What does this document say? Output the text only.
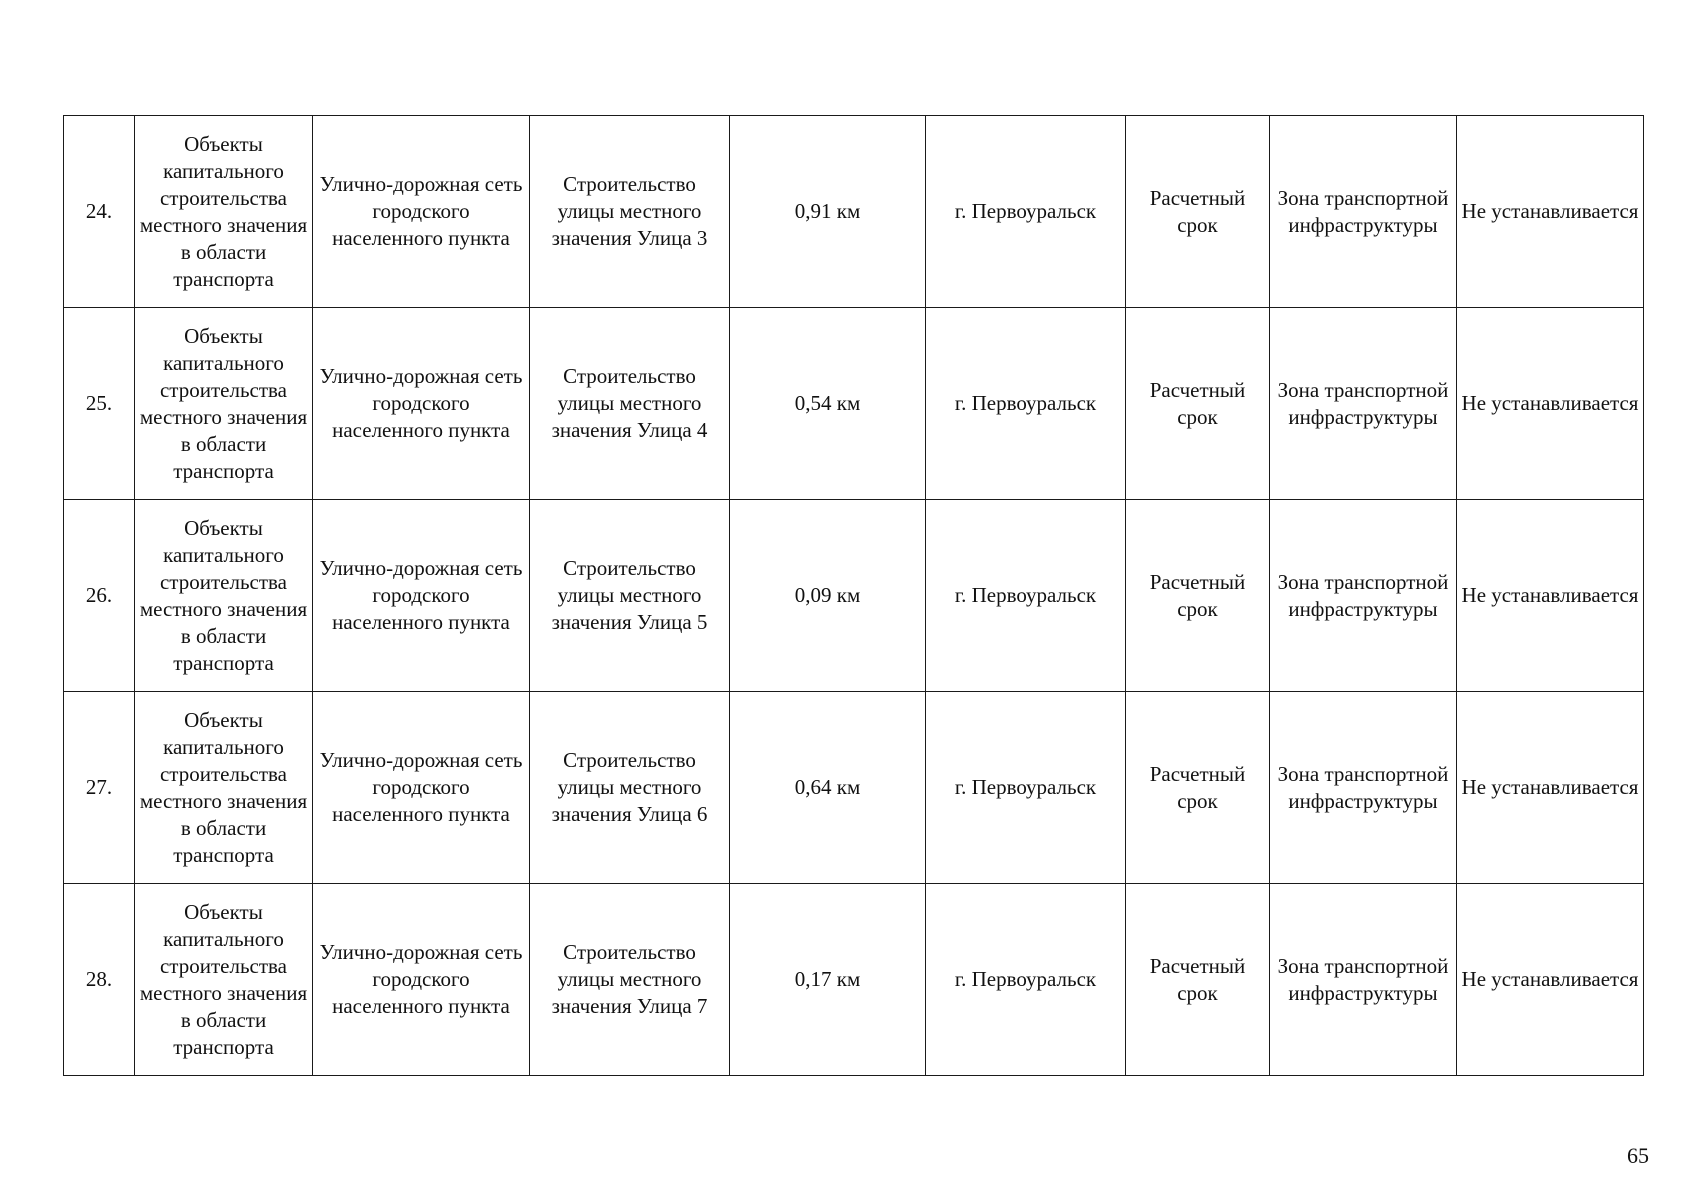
24.	Объекты капитального строительства местного значения в области транспорта	Улично-дорожная сеть городского населенного пункта	Строительство улицы местного значения Улица 3	0,91 км	г. Первоуральск	Расчетный срок	Зона транспортной инфраструктуры	Не устанавливается
25.	Объекты капитального строительства местного значения в области транспорта	Улично-дорожная сеть городского населенного пункта	Строительство улицы местного значения Улица 4	0,54 км	г. Первоуральск	Расчетный срок	Зона транспортной инфраструктуры	Не устанавливается
26.	Объекты капитального строительства местного значения в области транспорта	Улично-дорожная сеть городского населенного пункта	Строительство улицы местного значения Улица 5	0,09 км	г. Первоуральск	Расчетный срок	Зона транспортной инфраструктуры	Не устанавливается
27.	Объекты капитального строительства местного значения в области транспорта	Улично-дорожная сеть городского населенного пункта	Строительство улицы местного значения Улица 6	0,64 км	г. Первоуральск	Расчетный срок	Зона транспортной инфраструктуры	Не устанавливается
28.	Объекты капитального строительства местного значения в области транспорта	Улично-дорожная сеть городского населенного пункта	Строительство улицы местного значения Улица 7	0,17 км	г. Первоуральск	Расчетный срок	Зона транспортной инфраструктуры	Не устанавливается
65
